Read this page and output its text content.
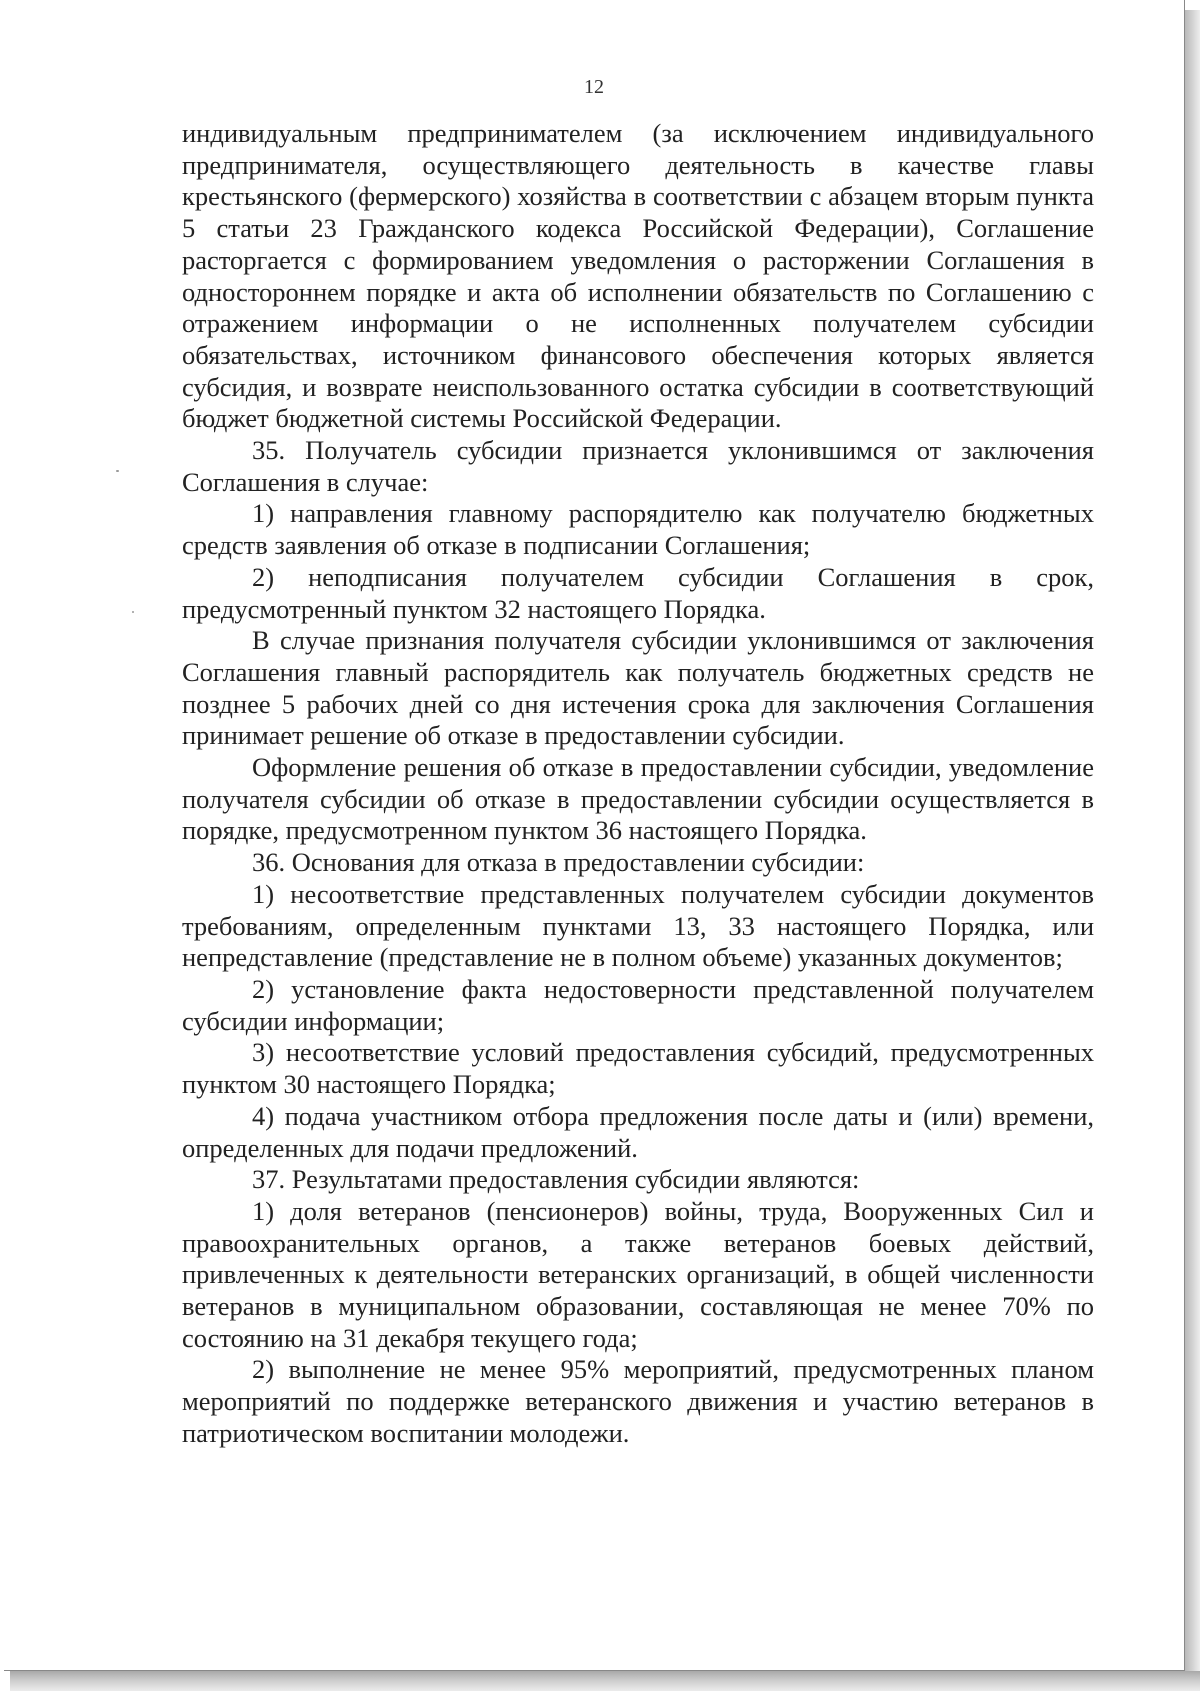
12

индивидуальным предпринимателем (за исключением индивидуального предпринимателя, осуществляющего деятельность в качестве главы крестьянского (фермерского) хозяйства в соответствии с абзацем вторым пункта 5 статьи 23 Гражданского кодекса Российской Федерации), Соглашение расторгается с формированием уведомления о расторжении Соглашения в одностороннем порядке и акта об исполнении обязательств по Соглашению с отражением информации о не исполненных получателем субсидии обязательствах, источником финансового обеспечения которых является субсидия, и возврате неиспользованного остатка субсидии в соответствующий бюджет бюджетной системы Российской Федерации.

35. Получатель субсидии признается уклонившимся от заключения Соглашения в случае:

1) направления главному распорядителю как получателю бюджетных средств заявления об отказе в подписании Соглашения;

2) неподписания получателем субсидии Соглашения в срок, предусмотренный пунктом 32 настоящего Порядка.

В случае признания получателя субсидии уклонившимся от заключения Соглашения главный распорядитель как получатель бюджетных средств не позднее 5 рабочих дней со дня истечения срока для заключения Соглашения принимает решение об отказе в предоставлении субсидии.

Оформление решения об отказе в предоставлении субсидии, уведомление получателя субсидии об отказе в предоставлении субсидии осуществляется в порядке, предусмотренном пунктом 36 настоящего Порядка.

36. Основания для отказа в предоставлении субсидии:

1) несоответствие представленных получателем субсидии документов требованиям, определенным пунктами 13, 33 настоящего Порядка, или непредставление (представление не в полном объеме) указанных документов;

2) установление факта недостоверности представленной получателем субсидии информации;

3) несоответствие условий предоставления субсидий, предусмотренных пунктом 30 настоящего Порядка;

4) подача участником отбора предложения после даты и (или) времени, определенных для подачи предложений.

37. Результатами предоставления субсидии являются:

1) доля ветеранов (пенсионеров) войны, труда, Вооруженных Сил и правоохранительных органов, а также ветеранов боевых действий, привлеченных к деятельности ветеранских организаций, в общей численности ветеранов в муниципальном образовании, составляющая не менее 70% по состоянию на 31 декабря текущего года;

2) выполнение не менее 95% мероприятий, предусмотренных планом мероприятий по поддержке ветеранского движения и участию ветеранов в патриотическом воспитании молодежи.
